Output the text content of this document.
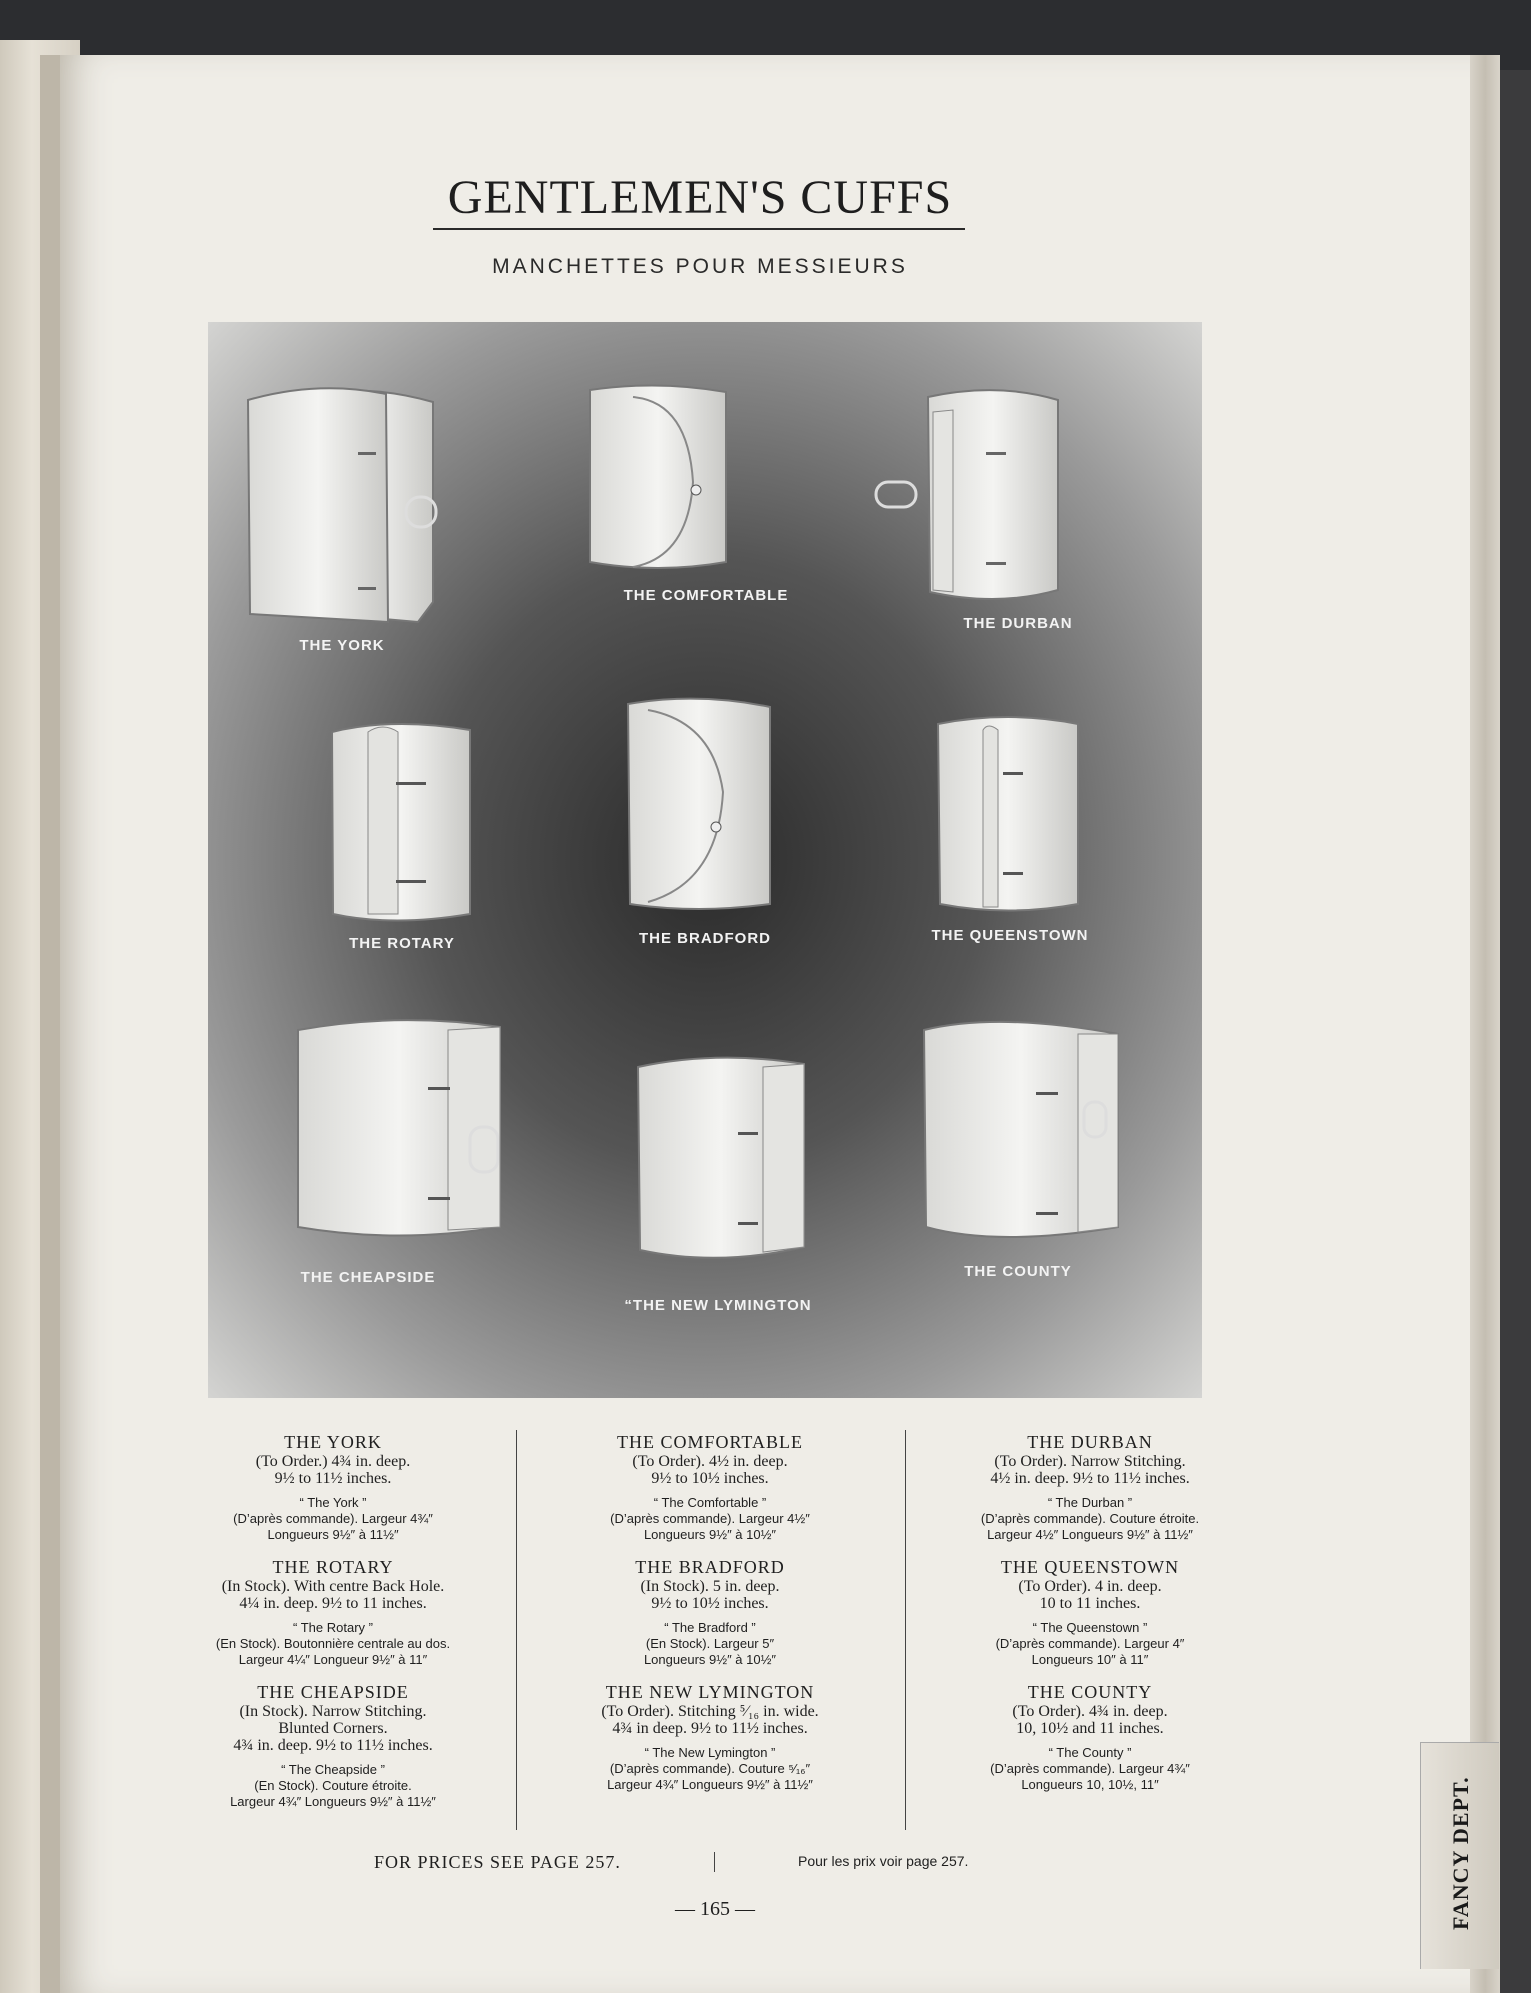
GENTLEMEN'S CUFFS
MANCHETTES POUR MESSIEURS
THE YORK
THE COMFORTABLE
THE DURBAN
THE ROTARY	THE BRADFORD	THE QUEENSTOWN
THE CHEAPSIDE
“THE NEW LYMINGTON
THE COUNTY
THE YORK
(To Order.) 4¾ in. deep.
9½ to 11½ inches.
“ The York ”
(D’après commande). Largeur 4¾″
Longueurs 9½″ à 11½″
THE ROTARY
(In Stock). With centre Back Hole.
4¼ in. deep. 9½ to 11 inches.
“ The Rotary ”
(En Stock). Boutonnière centrale au dos.
Largeur 4¼″ Longueur 9½″ à 11″
THE CHEAPSIDE
(In Stock). Narrow Stitching.
Blunted Corners.
4¾ in. deep. 9½ to 11½ inches.
“ The Cheapside ”
(En Stock). Couture étroite.
Largeur 4¾″ Longueurs 9½″ à 11½″
THE COMFORTABLE
(To Order). 4½ in. deep.
9½ to 10½ inches.
“ The Comfortable ”
(D’après commande). Largeur 4½″
Longueurs 9½″ à 10½″
THE BRADFORD
(In Stock). 5 in. deep.
9½ to 10½ inches.
“ The Bradford ”
(En Stock). Largeur 5″
Longueurs 9½″ à 10½″
THE NEW LYMINGTON
(To Order). Stitching ⁵⁄₁₆ in. wide.
4¾ in deep. 9½ to 11½ inches.
“ The New Lymington ”
(D’après commande). Couture ⁵⁄₁₆″
Largeur 4¾″ Longueurs 9½″ à 11½″
THE DURBAN
(To Order). Narrow Stitching.
4½ in. deep. 9½ to 11½ inches.
“ The Durban ”
(D’après commande). Couture étroite.
Largeur 4½″ Longueurs 9½″ à 11½″
THE QUEENSTOWN
(To Order). 4 in. deep.
10 to 11 inches.
“ The Queenstown ”
(D’après commande). Largeur 4″
Longueurs 10″ à 11″
THE COUNTY
(To Order). 4¾ in. deep.
10, 10½ and 11 inches.
“ The County ”
(D’après commande). Largeur 4¾″
Longueurs 10, 10½, 11″
FOR PRICES SEE PAGE 257.	Pour les prix voir page 257.
— 165 —	FANCY DEPT.
